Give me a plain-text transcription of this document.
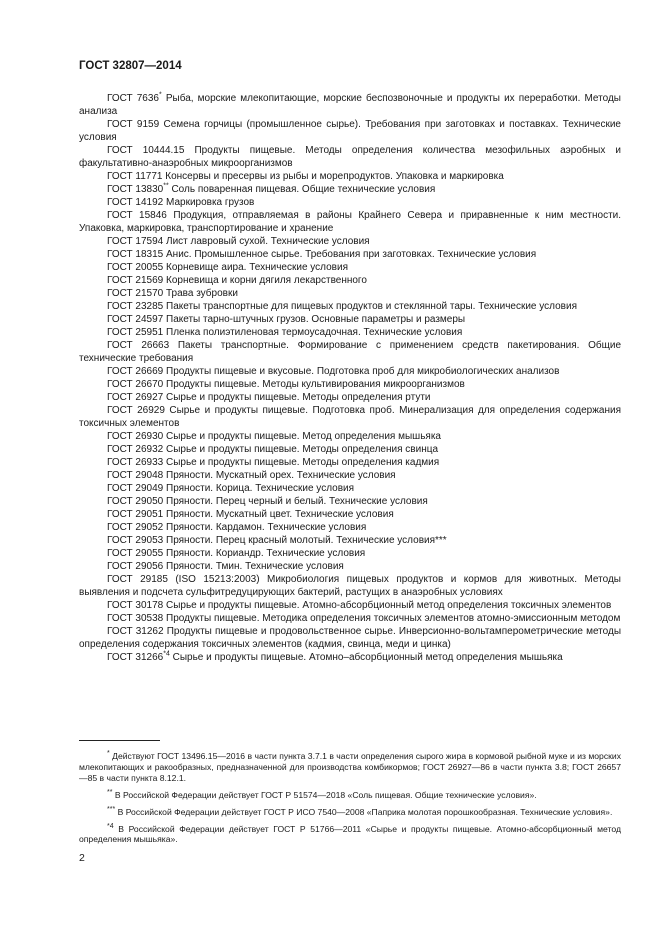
ГОСТ 32807—2014

ГОСТ 7636* Рыба, морские млекопитающие, морские беспозвоночные и продукты их переработки. Методы анализа

ГОСТ 9159 Семена горчицы (промышленное сырье). Требования при заготовках и поставках. Технические условия

ГОСТ 10444.15 Продукты пищевые. Методы определения количества мезофильных аэробных и факультативно-анаэробных микроорганизмов

ГОСТ 11771 Консервы и пресервы из рыбы и морепродуктов. Упаковка и маркировка

ГОСТ 13830** Соль поваренная пищевая. Общие технические условия

ГОСТ 14192 Маркировка грузов

ГОСТ 15846 Продукция, отправляемая в районы Крайнего Севера и приравненные к ним местности. Упаковка, маркировка, транспортирование и хранение

ГОСТ 17594 Лист лавровый сухой. Технические условия

ГОСТ 18315 Анис. Промышленное сырье. Требования при заготовках. Технические условия

ГОСТ 20055 Корневище аира. Технические условия

ГОСТ 21569 Корневища и корни дягиля лекарственного

ГОСТ 21570 Трава зубровки

ГОСТ 23285 Пакеты транспортные для пищевых продуктов и стеклянной тары. Технические условия

ГОСТ 24597 Пакеты тарно-штучных грузов. Основные параметры и размеры

ГОСТ 25951 Пленка полиэтиленовая термоусадочная. Технические условия

ГОСТ 26663 Пакеты транспортные. Формирование с применением средств пакетирования. Общие технические требования

ГОСТ 26669 Продукты пищевые и вкусовые. Подготовка проб для микробиологических анализов

ГОСТ 26670 Продукты пищевые. Методы культивирования микроорганизмов

ГОСТ 26927 Сырье и продукты пищевые. Методы определения ртути

ГОСТ 26929 Сырье и продукты пищевые. Подготовка проб. Минерализация для определения содержания токсичных элементов

ГОСТ 26930 Сырье и продукты пищевые. Метод определения мышьяка

ГОСТ 26932 Сырье и продукты пищевые. Методы определения свинца

ГОСТ 26933 Сырье и продукты пищевые. Методы определения кадмия

ГОСТ 29048 Пряности. Мускатный орех. Технические условия

ГОСТ 29049 Пряности. Корица. Технические условия

ГОСТ 29050 Пряности. Перец черный и белый. Технические условия

ГОСТ 29051 Пряности. Мускатный цвет. Технические условия

ГОСТ 29052 Пряности. Кардамон. Технические условия

ГОСТ 29053 Пряности. Перец красный молотый. Технические условия***

ГОСТ 29055 Пряности. Кориандр. Технические условия

ГОСТ 29056 Пряности. Тмин. Технические условия

ГОСТ 29185 (ISO 15213:2003) Микробиология пищевых продуктов и кормов для животных. Методы выявления и подсчета сульфитредуцирующих бактерий, растущих в анаэробных условиях

ГОСТ 30178 Сырье и продукты пищевые. Атомно-абсорбционный метод определения токсичных элементов

ГОСТ 30538 Продукты пищевые. Методика определения токсичных элементов атомно-эмиссионным методом

ГОСТ 31262 Продукты пищевые и продовольственное сырье. Инверсионно-вольтамперометрические методы определения содержания токсичных элементов (кадмия, свинца, меди и цинка)

ГОСТ 31266$^{*4}$ Сырье и продукты пищевые. Атомно–абсорбционный метод определения мышьяка

* Действуют ГОСТ 13496.15—2016 в части пункта 3.7.1 в части определения сырого жира в кормовой рыбной муке и из морских млекопитающих и ракообразных, предназначенной для производства комбикормов; ГОСТ 26927—86 в части пункта 3.8; ГОСТ 26657—85 в части пункта 8.12.1.

** В Российской Федерации действует ГОСТ Р 51574—2018 «Соль пищевая. Общие технические условия».

*** В Российской Федерации действует ГОСТ Р ИСО 7540—2008 «Паприка молотая порошкообразная. Технические условия».

$^{*4}$ В Российской Федерации действует ГОСТ Р 51766—2011 «Сырье и продукты пищевые. Атомно-абсорбционный метод определения мышьяка».

2
